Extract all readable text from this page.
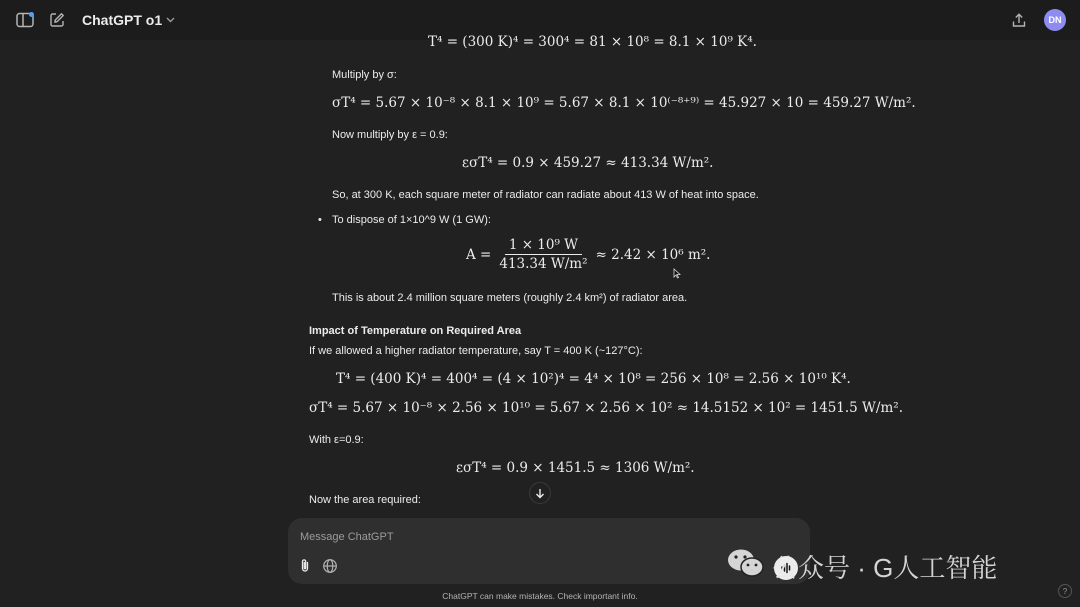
ChatGPT o1	DN
T⁴ = (300 K)⁴ = 300⁴ = 81 × 10⁸ = 8.1 × 10⁹ K⁴.
Multiply by σ:
σT⁴ = 5.67 × 10⁻⁸ × 8.1 × 10⁹ = 5.67 × 8.1 × 10⁽⁻⁸⁺⁹⁾ = 45.927 × 10 = 459.27 W/m².
Now multiply by ε = 0.9:
εσT⁴ = 0.9 × 459.27 ≈ 413.34 W/m².
So, at 300 K, each square meter of radiator can radiate about 413 W of heat into space.
• To dispose of 1×10^9 W (1 GW):
$A = \frac{\text{1 × 10⁹ W}}{\text{413.34 W/m²}} \approx 2.42 \times 10^6$ m².
This is about 2.4 million square meters (roughly 2.4 km²) of radiator area.
Impact of Temperature on Required Area
If we allowed a higher radiator temperature, say T = 400 K (~127°C):
T⁴ = (400 K)⁴ = 400⁴ = (4 × 10²)⁴ = 4⁴ × 10⁸ = 256 × 10⁸ = 2.56 × 10¹⁰ K⁴.
σT⁴ = 5.67 × 10⁻⁸ × 2.56 × 10¹⁰ = 5.67 × 2.56 × 10² ≈ 14.5152 × 10² = 1451.5 W/m².
With ε=0.9:
εσT⁴ = 0.9 × 1451.5 ≈ 1306 W/m².
Now the area required:
Message ChatGPT
公众号 · G人工智能
ChatGPT can make mistakes. Check important info.	?
